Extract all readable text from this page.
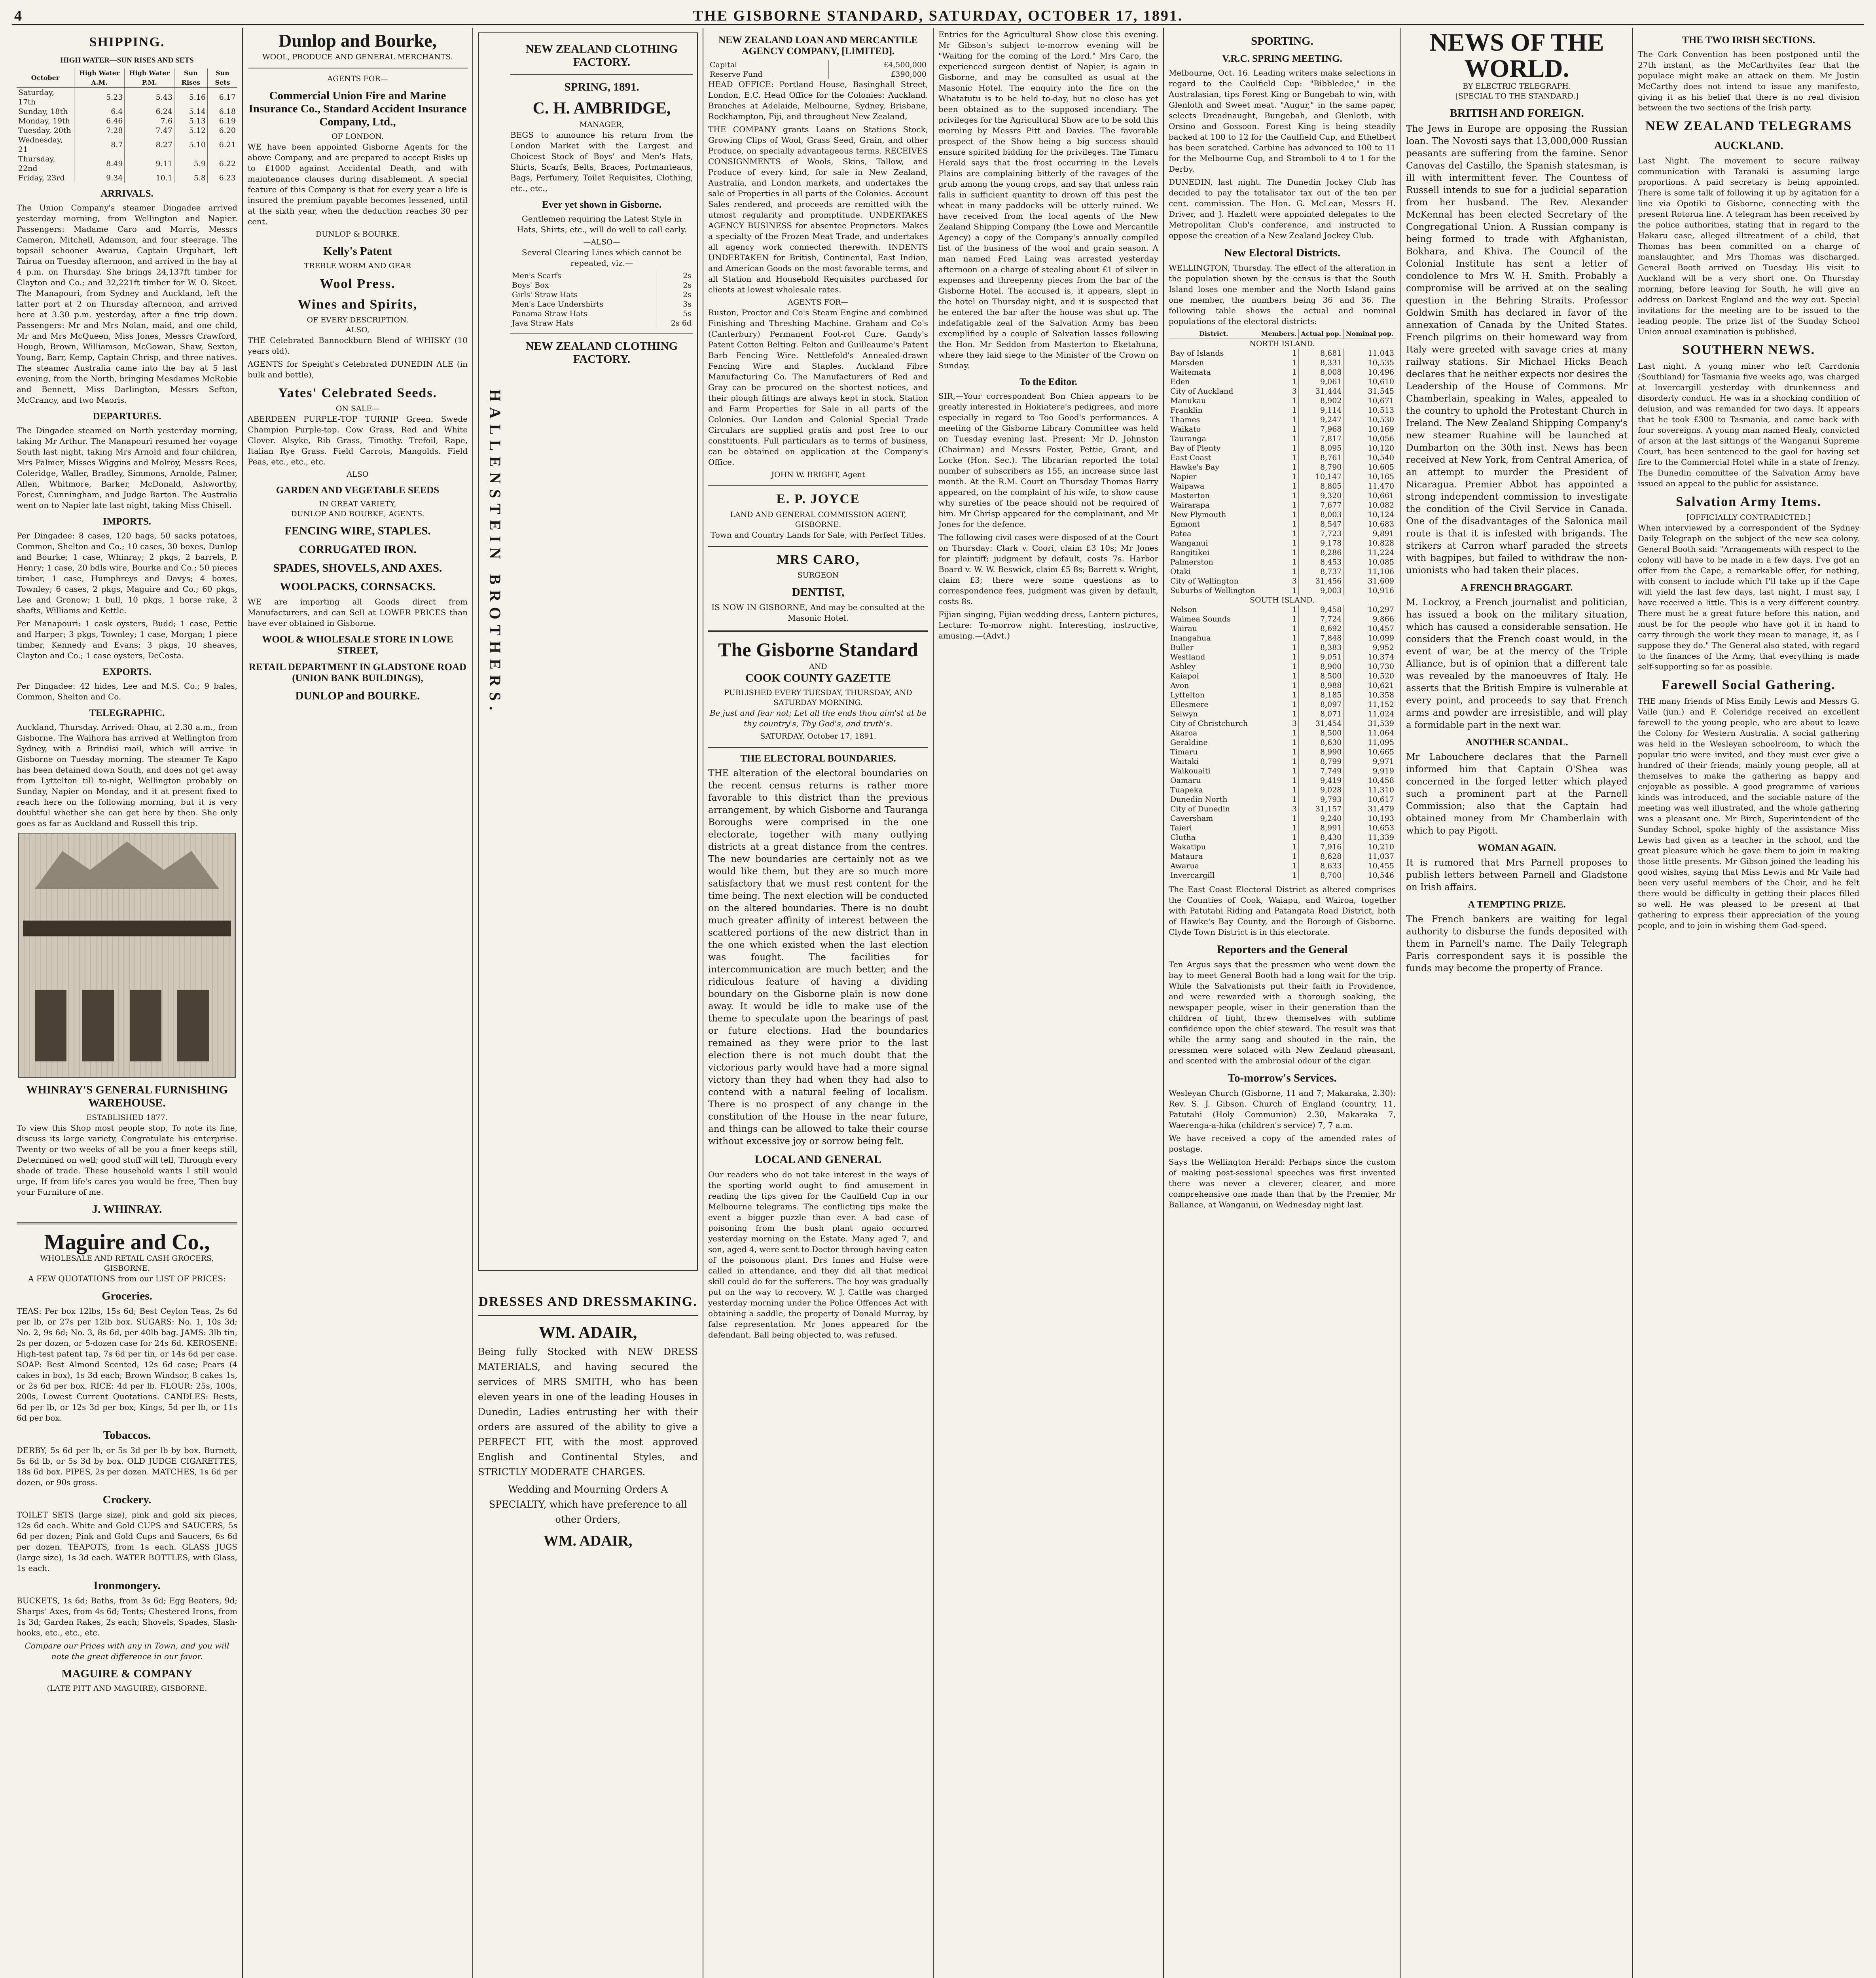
4	THE GISBORNE STANDARD, SATURDAY, OCTOBER 17, 1891.
SHIPPING.
HIGH WATER—SUN RISES AND SETS
October	High Water A.M.	High Water P.M.	Sun Rises	Sun Sets
Saturday, 17th	5.23	5.43	5.16	6.17
Sunday, 18th	6.4	6.24	5.14	6.18
Monday, 19th	6.46	7.6	5.13	6.19
Tuesday, 20th	7.28	7.47	5.12	6.20
Wednesday, 21	8.7	8.27	5.10	6.21
Thursday, 22nd	8.49	9.11	5.9	6.22
Friday, 23rd	9.34	10.1	5.8	6.23
ARRIVALS.

The Union Company's steamer Dingadee arrived yesterday morning, from Wellington and Napier. Passengers: Madame Caro and Morris, Messrs Cameron, Mitchell, Adamson, and four steerage. The topsail schooner Awarua, Captain Urquhart, left Tairua on Tuesday afternoon, and arrived in the bay at 4 p.m. on Thursday. She brings 24,137ft timber for Clayton and Co.; and 32,221ft timber for W. O. Skeet. The Manapouri, from Sydney and Auckland, left the latter port at 2 on Thursday afternoon, and arrived here at 3.30 p.m. yesterday, after a fine trip down. Passengers: Mr and Mrs Nolan, maid, and one child, Mr and Mrs McQueen, Miss Jones, Messrs Crawford, Hough, Brown, Williamson, McGowan, Shaw, Sexton, Young, Barr, Kemp, Captain Chrisp, and three natives. The steamer Australia came into the bay at 5 last evening, from the North, bringing Mesdames McRobie and Bennett, Miss Darlington, Messrs Sefton, McCrancy, and two Maoris.

DEPARTURES.

The Dingadee steamed on North yesterday morning, taking Mr Arthur. The Manapouri resumed her voyage South last night, taking Mrs Arnold and four children, Mrs Palmer, Misses Wiggins and Molroy, Messrs Rees, Coleridge, Waller, Bradley, Simmons, Arnolde, Palmer, Allen, Whitmore, Barker, McDonald, Ashworthy, Forest, Cunningham, and Judge Barton. The Australia went on to Napier late last night, taking Miss Chisell.

IMPORTS.

Per Dingadee: 8 cases, 120 bags, 50 sacks potatoes, Common, Shelton and Co.; 10 cases, 30 boxes, Dunlop and Bourke; 1 case, Whinray; 2 pkgs, 2 barrels, P. Henry; 1 case, 20 bdls wire, Bourke and Co.; 50 pieces timber, 1 case, Humphreys and Davys; 4 boxes, Townley; 6 cases, 2 pkgs, Maguire and Co.; 60 pkgs, Lee and Gronow; 1 bull, 10 pkgs, 1 horse rake, 2 shafts, Williams and Kettle.

Per Manapouri: 1 cask oysters, Budd; 1 case, Pettie and Harper; 3 pkgs, Townley; 1 case, Morgan; 1 piece timber, Kennedy and Evans; 3 pkgs, 10 sheaves, Clayton and Co.; 1 case oysters, DeCosta.

EXPORTS.

Per Dingadee: 42 hides, Lee and M.S. Co.; 9 bales, Common, Shelton and Co.

TELEGRAPHIC.

Auckland, Thursday. Arrived: Ohau, at 2.30 a.m., from Gisborne. The Waihora has arrived at Wellington from Sydney, with a Brindisi mail, which will arrive in Gisborne on Tuesday morning. The steamer Te Kapo has been detained down South, and does not get away from Lyttelton till to-night, Wellington probably on Sunday, Napier on Monday, and it at present fixed to reach here on the following morning, but it is very doubtful whether she can get here by then. She only goes as far as Auckland and Russell this trip.

WHINRAY'S GENERAL FURNISHING WAREHOUSE.
ESTABLISHED 1877.

To view this Shop most people stop, To note its fine, discuss its large variety, Congratulate his enterprise. Twenty or two weeks of all be you a finer keeps still, Determined on well; good stuff will tell, Through every shade of trade. These household wants I still would urge, If from life's cares you would be free, Then buy your Furniture of me.

J. WHINRAY.
Maguire and Co.,
WHOLESALE AND RETAIL CASH GROCERS, GISBORNE.

A FEW QUOTATIONS from our LIST OF PRICES:

Groceries.

TEAS: Per box 12lbs, 15s 6d; Best Ceylon Teas, 2s 6d per lb, or 27s per 12lb box. SUGARS: No. 1, 10s 3d; No. 2, 9s 6d; No. 3, 8s 6d, per 40lb bag. JAMS: 3lb tin, 2s per dozen, or 5-dozen case for 24s 6d. KEROSENE: High-test patent tap, 7s 6d per tin, or 14s 6d per case. SOAP: Best Almond Scented, 12s 6d case; Pears (4 cakes in box), 1s 3d each; Brown Windsor, 8 cakes 1s, or 2s 6d per box. RICE: 4d per lb. FLOUR: 25s, 100s, 200s, Lowest Current Quotations. CANDLES: Bests, 6d per lb, or 12s 3d per box; Kings, 5d per lb, or 11s 6d per box.

Tobaccos.

DERBY, 5s 6d per lb, or 5s 3d per lb by box. Burnett, 5s 6d lb, or 5s 3d by box. OLD JUDGE CIGARETTES, 18s 6d box. PIPES, 2s per dozen. MATCHES, 1s 6d per dozen, or 90s gross.

Crockery.

TOILET SETS (large size), pink and gold six pieces, 12s 6d each. White and Gold CUPS and SAUCERS, 5s 6d per dozen; Pink and Gold Cups and Saucers, 6s 6d per dozen. TEAPOTS, from 1s each. GLASS JUGS (large size), 1s 3d each. WATER BOTTLES, with Glass, 1s each.

Ironmongery.

BUCKETS, 1s 6d; Baths, from 3s 6d; Egg Beaters, 9d; Sharps' Axes, from 4s 6d; Tents; Chestered Irons, from 1s 3d; Garden Rakes, 2s each; Shovels, Spades, Slash-hooks, etc., etc., etc.

Compare our Prices with any in Town, and you will note the great difference in our favor.

MAGUIRE & COMPANY
(LATE PITT AND MAGUIRE), GISBORNE.
Dunlop and Bourke,
WOOL, PRODUCE AND GENERAL MERCHANTS.
AGENTS FOR—
Commercial Union Fire and Marine Insurance Co., Standard Accident Insurance Company, Ltd.,
OF LONDON.

WE have been appointed Gisborne Agents for the above Company, and are prepared to accept Risks up to £1000 against Accidental Death, and with maintenance clauses during disablement. A special feature of this Company is that for every year a life is insured the premium payable becomes lessened, until at the sixth year, when the deduction reaches 30 per cent.

DUNLOP & BOURKE.
Kelly's Patent
TREBLE WORM AND GEAR
Wool Press.
Wines and Spirits,
OF EVERY DESCRIPTION.
ALSO,

THE Celebrated Bannockburn Blend of WHISKY (10 years old).

AGENTS for Speight's Celebrated DUNEDIN ALE (in bulk and bottle),

Yates' Celebrated Seeds.
ON SALE—

ABERDEEN PURPLE-TOP TURNIP Green. Swede Champion Purple-top. Cow Grass, Red and White Clover. Alsyke, Rib Grass, Timothy. Trefoil, Rape, Italian Rye Grass. Field Carrots, Mangolds. Field Peas, etc., etc., etc.

ALSO
GARDEN AND VEGETABLE SEEDS
IN GREAT VARIETY,
DUNLOP AND BOURKE, AGENTS.
FENCING WIRE, STAPLES.
CORRUGATED IRON.
SPADES, SHOVELS, AND AXES.
WOOLPACKS, CORNSACKS.

WE are importing all Goods direct from Manufacturers, and can Sell at LOWER PRICES than have ever obtained in Gisborne.

WOOL & WHOLESALE STORE IN LOWE STREET,
RETAIL DEPARTMENT IN GLADSTONE ROAD (UNION BANK BUILDINGS),
DUNLOP and BOURKE.	HALLENSTEIN BROTHERS.
NEW ZEALAND CLOTHING FACTORY.
SPRING, 1891.
C. H. AMBRIDGE,
MANAGER,

BEGS to announce his return from the London Market with the Largest and Choicest Stock of Boys' and Men's Hats, Shirts, Scarfs, Belts, Braces, Portmanteaus, Bags, Perfumery, Toilet Requisites, Clothing, etc., etc.,

Ever yet shown in Gisborne.

Gentlemen requiring the Latest Style in Hats, Shirts, etc., will do well to call early.

—ALSO—

Several Clearing Lines which cannot be repeated, viz.—

Men's Scarfs	2s
Boys' Box	2s
Girls' Straw Hats	2s
Men's Lace Undershirts	3s
Panama Straw Hats	5s
Java Straw Hats	2s 6d
NEW ZEALAND CLOTHING FACTORY.
DRESSES AND DRESSMAKING.
WM. ADAIR,

Being fully Stocked with NEW DRESS MATERIALS, and having secured the services of MRS SMITH, who has been eleven years in one of the leading Houses in Dunedin, Ladies entrusting her with their orders are assured of the ability to give a PERFECT FIT, with the most approved English and Continental Styles, and STRICTLY MODERATE CHARGES.

Wedding and Mourning Orders A SPECIALTY, which have preference to all other Orders,

WM. ADAIR,
NEW ZEALAND LOAN AND MERCANTILE AGENCY COMPANY, [LIMITED].
Capital	£4,500,000
Reserve Fund	£390,000

HEAD OFFICE: Portland House, Basinghall Street, London, E.C. Head Office for the Colonies: Auckland. Branches at Adelaide, Melbourne, Sydney, Brisbane, Rockhampton, Fiji, and throughout New Zealand,

THE COMPANY grants Loans on Stations Stock, Growing Clips of Wool, Grass Seed, Grain, and other Produce, on specially advantageous terms. RECEIVES CONSIGNMENTS of Wools, Skins, Tallow, and Produce of every kind, for sale in New Zealand, Australia, and London markets, and undertakes the sale of Properties in all parts of the Colonies. Account Sales rendered, and proceeds are remitted with the utmost regularity and promptitude. UNDERTAKES AGENCY BUSINESS for absentee Proprietors. Makes a specialty of the Frozen Meat Trade, and undertakes all agency work connected therewith. INDENTS UNDERTAKEN for British, Continental, East Indian, and American Goods on the most favorable terms, and all Station and Household Requisites purchased for clients at lowest wholesale rates.

AGENTS FOR—

Ruston, Proctor and Co's Steam Engine and combined Finishing and Threshing Machine. Graham and Co's (Canterbury) Permanent Foot-rot Cure. Gandy's Patent Cotton Belting. Felton and Guilleaume's Patent Barb Fencing Wire. Nettlefold's Annealed-drawn Fencing Wire and Staples. Auckland Fibre Manufacturing Co. The Manufacturers of Red and Gray can be procured on the shortest notices, and their plough fittings are always kept in stock. Station and Farm Properties for Sale in all parts of the Colonies. Our London and Colonial Special Trade Circulars are supplied gratis and post free to our constituents. Full particulars as to terms of business, can be obtained on application at the Company's Office.

JOHN W. BRIGHT, Agent
E. P. JOYCE
LAND AND GENERAL COMMISSION AGENT, GISBORNE.

Town and Country Lands for Sale, with Perfect Titles.

MRS CARO,
SURGEON
DENTIST,

IS NOW IN GISBORNE, And may be consulted at the Masonic Hotel.

The Gisborne Standard
AND
COOK COUNTY GAZETTE
PUBLISHED EVERY TUESDAY, THURSDAY, AND SATURDAY MORNING.

Be just and fear not; Let all the ends thou aim'st at be thy country's, Thy God's, and truth's.

SATURDAY, October 17, 1891.
THE ELECTORAL BOUNDARIES.

THE alteration of the electoral boundaries on the recent census returns is rather more favorable to this district than the previous arrangement, by which Gisborne and Tauranga Boroughs were comprised in the one electorate, together with many outlying districts at a great distance from the centres. The new boundaries are certainly not as we would like them, but they are so much more satisfactory that we must rest content for the time being. The next election will be conducted on the altered boundaries. There is no doubt much greater affinity of interest between the scattered portions of the new district than in the one which existed when the last election was fought. The facilities for intercommunication are much better, and the ridiculous feature of having a dividing boundary on the Gisborne plain is now done away. It would be idle to make use of the theme to speculate upon the bearings of past or future elections. Had the boundaries remained as they were prior to the last election there is not much doubt that the victorious party would have had a more signal victory than they had when they had also to contend with a natural feeling of localism. There is no prospect of any change in the constitution of the House in the near future, and things can be allowed to take their course without excessive joy or sorrow being felt.

LOCAL AND GENERAL

Our readers who do not take interest in the ways of the sporting world ought to find amusement in reading the tips given for the Caulfield Cup in our Melbourne telegrams. The conflicting tips make the event a bigger puzzle than ever. A bad case of poisoning from the bush plant ngaio occurred yesterday morning on the Estate. Many aged 7, and son, aged 4, were sent to Doctor through having eaten of the poisonous plant. Drs Innes and Hulse were called in attendance, and they did all that medical skill could do for the sufferers. The boy was gradually put on the way to recovery. W. J. Cattle was charged yesterday morning under the Police Offences Act with obtaining a saddle, the property of Donald Murray, by false representation. Mr Jones appeared for the defendant. Ball being objected to, was refused.

Entries for the Agricultural Show close this evening. Mr Gibson's subject to-morrow evening will be "Waiting for the coming of the Lord." Mrs Caro, the experienced surgeon dentist of Napier, is again in Gisborne, and may be consulted as usual at the Masonic Hotel. The enquiry into the fire on the Whatatutu is to be held to-day, but no close has yet been obtained as to the supposed incendiary. The privileges for the Agricultural Show are to be sold this morning by Messrs Pitt and Davies. The favorable prospect of the Show being a big success should ensure spirited bidding for the privileges. The Timaru Herald says that the frost occurring in the Levels Plains are complaining bitterly of the ravages of the grub among the young crops, and say that unless rain falls in sufficient quantity to drown off this pest the wheat in many paddocks will be utterly ruined. We have received from the local agents of the New Zealand Shipping Company (the Lowe and Mercantile Agency) a copy of the Company's annually compiled list of the business of the wool and grain season. A man named Fred Laing was arrested yesterday afternoon on a charge of stealing about £1 of silver in expenses and threepenny pieces from the bar of the Gisborne Hotel. The accused is, it appears, slept in the hotel on Thursday night, and it is suspected that he entered the bar after the house was shut up. The indefatigable zeal of the Salvation Army has been exemplified by a couple of Salvation lasses following the Hon. Mr Seddon from Masterton to Eketahuna, where they laid siege to the Minister of the Crown on Sunday.

To the Editor.

SIR,—Your correspondent Bon Chien appears to be greatly interested in Hokiatere's pedigrees, and more especially in regard to Too Good's performances. A meeting of the Gisborne Library Committee was held on Tuesday evening last. Present: Mr D. Johnston (Chairman) and Messrs Foster, Pettie, Grant, and Locke (Hon. Sec.). The librarian reported the total number of subscribers as 155, an increase since last month. At the R.M. Court on Thursday Thomas Barry appeared, on the complaint of his wife, to show cause why sureties of the peace should not be required of him. Mr Chrisp appeared for the complainant, and Mr Jones for the defence.

The following civil cases were disposed of at the Court on Thursday: Clark v. Coori, claim £3 10s; Mr Jones for plaintiff; judgment by default, costs 7s. Harbor Board v. W. W. Beswick, claim £5 8s; Barrett v. Wright, claim £3; there were some questions as to correspondence fees, judgment was given by default, costs 8s.

Fijian singing, Fijian wedding dress, Lantern pictures, Lecture: To-morrow night. Interesting, instructive, amusing.—(Advt.)

SPORTING.
V.R.C. SPRING MEETING.

Melbourne, Oct. 16. Leading writers make selections in regard to the Caulfield Cup: "Bibbledee," in the Australasian, tips Forest King or Bungebah to win, with Glenloth and Sweet meat. "Augur," in the same paper, selects Dreadnaught, Bungebah, and Glenloth, with Orsino and Gossoon. Forest King is being steadily backed at 100 to 12 for the Caulfield Cup, and Ethelbert has been scratched. Carbine has advanced to 100 to 11 for the Melbourne Cup, and Stromboli to 4 to 1 for the Derby.

DUNEDIN, last night. The Dunedin Jockey Club has decided to pay the totalisator tax out of the ten per cent. commission. The Hon. G. McLean, Messrs H. Driver, and J. Hazlett were appointed delegates to the Metropolitan Club's conference, and instructed to oppose the creation of a New Zealand Jockey Club.

New Electoral Districts.

WELLINGTON, Thursday. The effect of the alteration in the population shown by the census is that the South Island loses one member and the North Island gains one member, the numbers being 36 and 36. The following table shows the actual and nominal populations of the electoral districts:

District.	Members.	Actual pop.	Nominal pop.
NORTH ISLAND.			
Bay of Islands	1	8,681	11,043
Marsden	1	8,331	10,535
Waitemata	1	8,008	10,496
Eden	1	9,061	10,610
City of Auckland	3	31,444	31,545
Manukau	1	8,902	10,671
Franklin	1	9,114	10,513
Thames	1	9,247	10,530
Waikato	1	7,968	10,169
Tauranga	1	7,817	10,056
Bay of Plenty	1	8,095	10,120
East Coast	1	8,761	10,540
Hawke's Bay	1	8,790	10,605
Napier	1	10,147	10,165
Waipawa	1	8,805	11,470
Masterton	1	9,320	10,661
Wairarapa	1	7,677	10,082
New Plymouth	1	8,003	10,124
Egmont	1	8,547	10,683
Patea	1	7,723	9,891
Wanganui	1	9,178	10,828
Rangitikei	1	8,286	11,224
Palmerston	1	8,453	10,085
Otaki	1	8,737	11,106
City of Wellington	3	31,456	31,609
Suburbs of Wellington	1	9,003	10,916
SOUTH ISLAND.			
Nelson	1	9,458	10,297
Waimea Sounds	1	7,724	9,866
Wairau	1	8,692	10,457
Inangahua	1	7,848	10,099
Buller	1	8,383	9,952
Westland	1	9,051	10,374
Ashley	1	8,900	10,730
Kaiapoi	1	8,500	10,520
Avon	1	8,988	10,621
Lyttelton	1	8,185	10,358
Ellesmere	1	8,097	11,152
Selwyn	1	8,071	11,024
City of Christchurch	3	31,454	31,539
Akaroa	1	8,500	11,064
Geraldine	1	8,630	11,095
Timaru	1	8,990	10,665
Waitaki	1	8,799	9,971
Waikouaiti	1	7,749	9,919
Oamaru	1	9,419	10,458
Tuapeka	1	9,028	11,310
Dunedin North	1	9,793	10,617
City of Dunedin	3	31,157	31,479
Caversham	1	9,240	10,193
Taieri	1	8,991	10,653
Clutha	1	8,430	11,339
Wakatipu	1	7,916	10,210
Mataura	1	8,628	11,037
Awarua	1	8,633	10,455
Invercargill	1	8,700	10,546

The East Coast Electoral District as altered comprises the Counties of Cook, Waiapu, and Wairoa, together with Patutahi Riding and Patangata Road District, both of Hawke's Bay County, and the Borough of Gisborne. Clyde Town District is in this electorate.

Reporters and the General

Ten Argus says that the pressmen who went down the bay to meet General Booth had a long wait for the trip. While the Salvationists put their faith in Providence, and were rewarded with a thorough soaking, the newspaper people, wiser in their generation than the children of light, threw themselves with sublime confidence upon the chief steward. The result was that while the army sang and shouted in the rain, the pressmen were solaced with New Zealand pheasant, and scented with the ambrosial odour of the cigar.

To-morrow's Services.

Wesleyan Church (Gisborne, 11 and 7; Makaraka, 2.30): Rev. S. J. Gibson. Church of England (country, 11, Patutahi (Holy Communion) 2.30, Makaraka 7, Waerenga-a-hika (children's service) 7, 7 a.m.

We have received a copy of the amended rates of postage.

Says the Wellington Herald: Perhaps since the custom of making post-sessional speeches was first invented there was never a cleverer, clearer, and more comprehensive one made than that by the Premier, Mr Ballance, at Wanganui, on Wednesday night last.

NEWS OF THE WORLD.
BY ELECTRIC TELEGRAPH.
[SPECIAL TO THE STANDARD.]
BRITISH AND FOREIGN.

The Jews in Europe are opposing the Russian loan. The Novosti says that 13,000,000 Russian peasants are suffering from the famine. Senor Canovas del Castillo, the Spanish statesman, is ill with intermittent fever. The Countess of Russell intends to sue for a judicial separation from her husband. The Rev. Alexander McKennal has been elected Secretary of the Congregational Union. A Russian company is being formed to trade with Afghanistan, Bokhara, and Khiva. The Council of the Colonial Institute has sent a letter of condolence to Mrs W. H. Smith. Probably a compromise will be arrived at on the sealing question in the Behring Straits. Professor Goldwin Smith has declared in favor of the annexation of Canada by the United States. French pilgrims on their homeward way from Italy were greeted with savage cries at many railway stations. Sir Michael Hicks Beach declares that he neither expects nor desires the Leadership of the House of Commons. Mr Chamberlain, speaking in Wales, appealed to the country to uphold the Protestant Church in Ireland. The New Zealand Shipping Company's new steamer Ruahine will be launched at Dumbarton on the 30th inst. News has been received at New York, from Central America, of an attempt to murder the President of Nicaragua. Premier Abbot has appointed a strong independent commission to investigate the condition of the Civil Service in Canada. One of the disadvantages of the Salonica mail route is that it is infested with brigands. The strikers at Carron wharf paraded the streets with bagpipes, but failed to withdraw the non-unionists who had taken their places.

A FRENCH BRAGGART.

M. Lockroy, a French journalist and politician, has issued a book on the military situation, which has caused a considerable sensation. He considers that the French coast would, in the event of war, be at the mercy of the Triple Alliance, but is of opinion that a different tale was revealed by the manoeuvres of Italy. He asserts that the British Empire is vulnerable at every point, and proceeds to say that French arms and powder are irresistible, and will play a formidable part in the next war.

ANOTHER SCANDAL.

Mr Labouchere declares that the Parnell informed him that Captain O'Shea was concerned in the forged letter which played such a prominent part at the Parnell Commission; also that the Captain had obtained money from Mr Chamberlain with which to pay Pigott.

WOMAN AGAIN.

It is rumored that Mrs Parnell proposes to publish letters between Parnell and Gladstone on Irish affairs.

A TEMPTING PRIZE.

The French bankers are waiting for legal authority to disburse the funds deposited with them in Parnell's name. The Daily Telegraph Paris correspondent says it is possible the funds may become the property of France.

THE TWO IRISH SECTIONS.

The Cork Convention has been postponed until the 27th instant, as the McCarthyites fear that the populace might make an attack on them. Mr Justin McCarthy does not intend to issue any manifesto, giving it as his belief that there is no real division between the two sections of the Irish party.

NEW ZEALAND TELEGRAMS
AUCKLAND.

Last Night. The movement to secure railway communication with Taranaki is assuming large proportions. A paid secretary is being appointed. There is some talk of following it up by agitation for a line via Opotiki to Gisborne, connecting with the present Rotorua line. A telegram has been received by the police authorities, stating that in regard to the Hakaru case, alleged illtreatment of a child, that Thomas has been committed on a charge of manslaughter, and Mrs Thomas was discharged. General Booth arrived on Tuesday. His visit to Auckland will be a very short one. On Thursday morning, before leaving for South, he will give an address on Darkest England and the way out. Special invitations for the meeting are to be issued to the leading people. The prize list of the Sunday School Union annual examination is published.

SOUTHERN NEWS.

Last night. A young miner who left Carrdonia (Southland) for Tasmania five weeks ago, was charged at Invercargill yesterday with drunkenness and disorderly conduct. He was in a shocking condition of delusion, and was remanded for two days. It appears that he took £300 to Tasmania, and came back with four sovereigns. A young man named Healy, convicted of arson at the last sittings of the Wanganui Supreme Court, has been sentenced to the gaol for having set fire to the Commercial Hotel while in a state of frenzy. The Dunedin committee of the Salvation Army have issued an appeal to the public for assistance.

Salvation Army Items.
[OFFICIALLY CONTRADICTED.]

When interviewed by a correspondent of the Sydney Daily Telegraph on the subject of the new sea colony, General Booth said: "Arrangements with respect to the colony will have to be made in a few days. I've got an offer from the Cape, a remarkable offer, for nothing, with consent to include which I'll take up if the Cape will yield the last few days, last night, I must say, I have received a little. This is a very different country. There must be a great future before this nation, and must be for the people who have got it in hand to carry through the work they mean to manage, it, as I suppose they do." The General also stated, with regard to the finances of the Army, that everything is made self-supporting so far as possible.

Farewell Social Gathering.

THE many friends of Miss Emily Lewis and Messrs G. Vaile (jun.) and F. Coleridge received an excellent farewell to the young people, who are about to leave the Colony for Western Australia. A social gathering was held in the Wesleyan schoolroom, to which the popular trio were invited, and they must ever give a hundred of their friends, mainly young people, all at themselves to make the gathering as happy and enjoyable as possible. A good programme of various kinds was introduced, and the sociable nature of the meeting was well illustrated, and the whole gathering was a pleasant one. Mr Birch, Superintendent of the Sunday School, spoke highly of the assistance Miss Lewis had given as a teacher in the school, and the great pleasure which he gave them to join in making those little presents. Mr Gibson joined the leading his good wishes, saying that Miss Lewis and Mr Vaile had been very useful members of the Choir, and he felt there would be difficulty in getting their places filled so well. He was pleased to be present at that gathering to express their appreciation of the young people, and to join in wishing them God-speed.
